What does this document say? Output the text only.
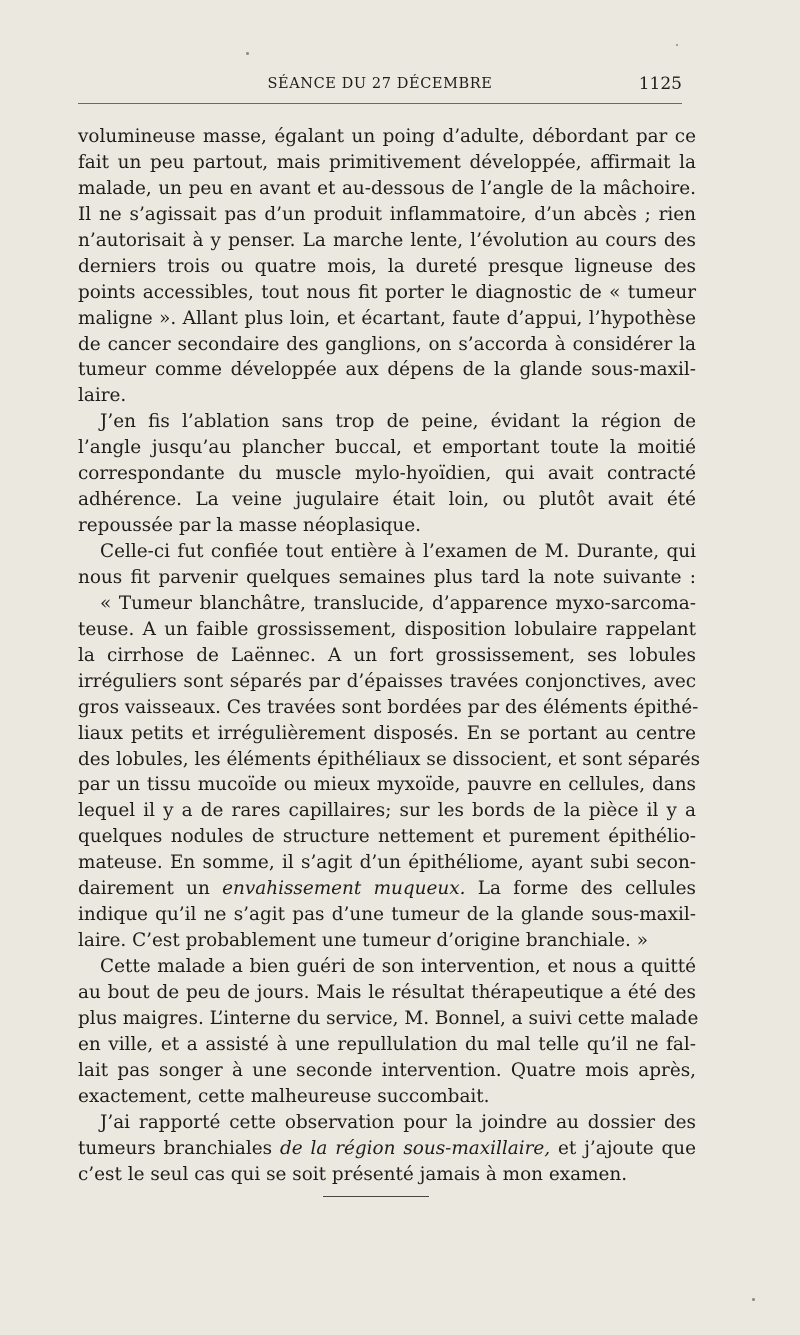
SÉANCE DU 27 DÉCEMBRE	1125
volumineuse masse, égalant un poing d’adulte, débordant par ce
fait un peu partout, mais primitivement développée, affirmait la
malade, un peu en avant et au-dessous de l’angle de la mâchoire.
Il ne s’agissait pas d’un produit inflammatoire, d’un abcès ; rien
n’autorisait à y penser. La marche lente, l’évolution au cours des
derniers trois ou quatre mois, la dureté presque ligneuse des
points accessibles, tout nous fit porter le diagnostic de « tumeur
maligne ». Allant plus loin, et écartant, faute d’appui, l’hypothèse
de cancer secondaire des ganglions, on s’accorda à considérer la
tumeur comme développée aux dépens de la glande sous-maxil-
laire.
J’en fis l’ablation sans trop de peine, évidant la région de
l’angle jusqu’au plancher buccal, et emportant toute la moitié
correspondante du muscle mylo-hyoïdien, qui avait contracté
adhérence. La veine jugulaire était loin, ou plutôt avait été
repoussée par la masse néoplasique.
Celle-ci fut confiée tout entière à l’examen de M. Durante, qui
nous fit parvenir quelques semaines plus tard la note suivante :
« Tumeur blanchâtre, translucide, d’apparence myxo-sarcoma-
teuse. A un faible grossissement, disposition lobulaire rappelant
la cirrhose de Laënnec. A un fort grossissement, ses lobules
irréguliers sont séparés par d’épaisses travées conjonctives, avec
gros vaisseaux. Ces travées sont bordées par des éléments épithé-
liaux petits et irrégulièrement disposés. En se portant au centre
des lobules, les éléments épithéliaux se dissocient, et sont séparés
par un tissu mucoïde ou mieux myxoïde, pauvre en cellules, dans
lequel il y a de rares capillaires; sur les bords de la pièce il y a
quelques nodules de structure nettement et purement épithélio-
mateuse. En somme, il s’agit d’un épithéliome, ayant subi secon-
dairement un envahissement muqueux. La forme des cellules
indique qu’il ne s’agit pas d’une tumeur de la glande sous-maxil-
laire. C’est probablement une tumeur d’origine branchiale. »
Cette malade a bien guéri de son intervention, et nous a quitté
au bout de peu de jours. Mais le résultat thérapeutique a été des
plus maigres. L’interne du service, M. Bonnel, a suivi cette malade
en ville, et a assisté à une repullulation du mal telle qu’il ne fal-
lait pas songer à une seconde intervention. Quatre mois après,
exactement, cette malheureuse succombait.
J’ai rapporté cette observation pour la joindre au dossier des
tumeurs branchiales de la région sous-maxillaire, et j’ajoute que
c’est le seul cas qui se soit présenté jamais à mon examen.
